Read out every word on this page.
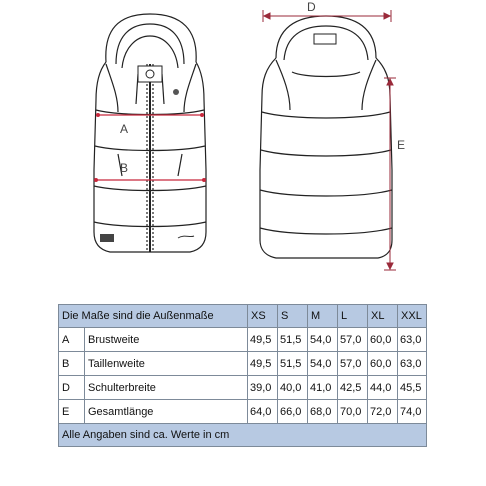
A
B
D
E
Die Maße sind die Außenmaße		XS	S	M	L	XL	XXL
A	Brustweite	49,5	51,5	54,0	57,0	60,0	63,0
B	Taillenweite	49,5	51,5	54,0	57,0	60,0	63,0
D	Schulterbreite	39,0	40,0	41,0	42,5	44,0	45,5
E	Gesamtlänge	64,0	66,0	68,0	70,0	72,0	74,0
Alle Angaben sind ca. Werte in cm							
